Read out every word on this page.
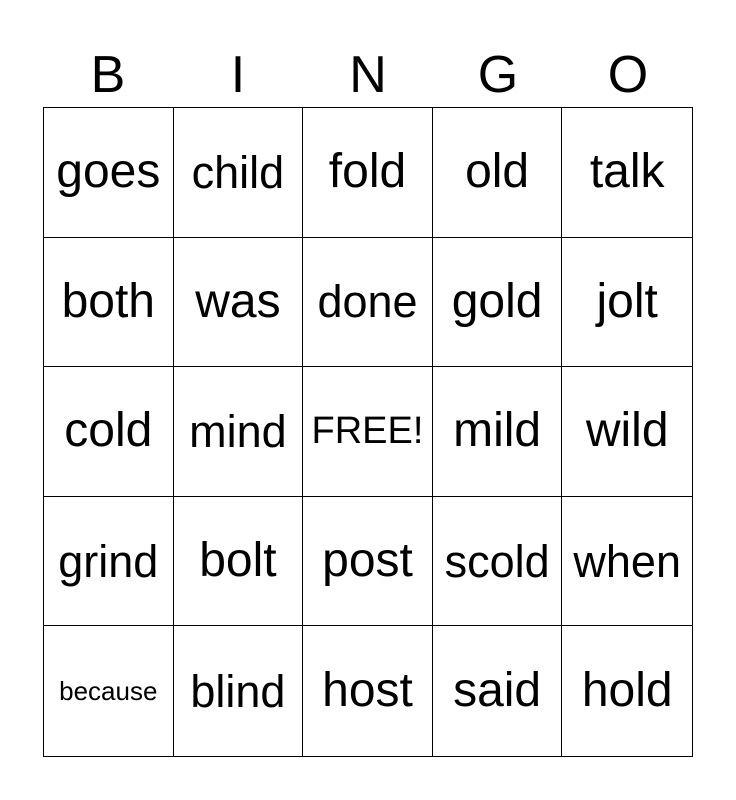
B	I	N	G	O
goes child fold	old	talk
both was done gold	jolt
cold mind FREE! mild wild
grind bolt post scold when
because blind host said hold
